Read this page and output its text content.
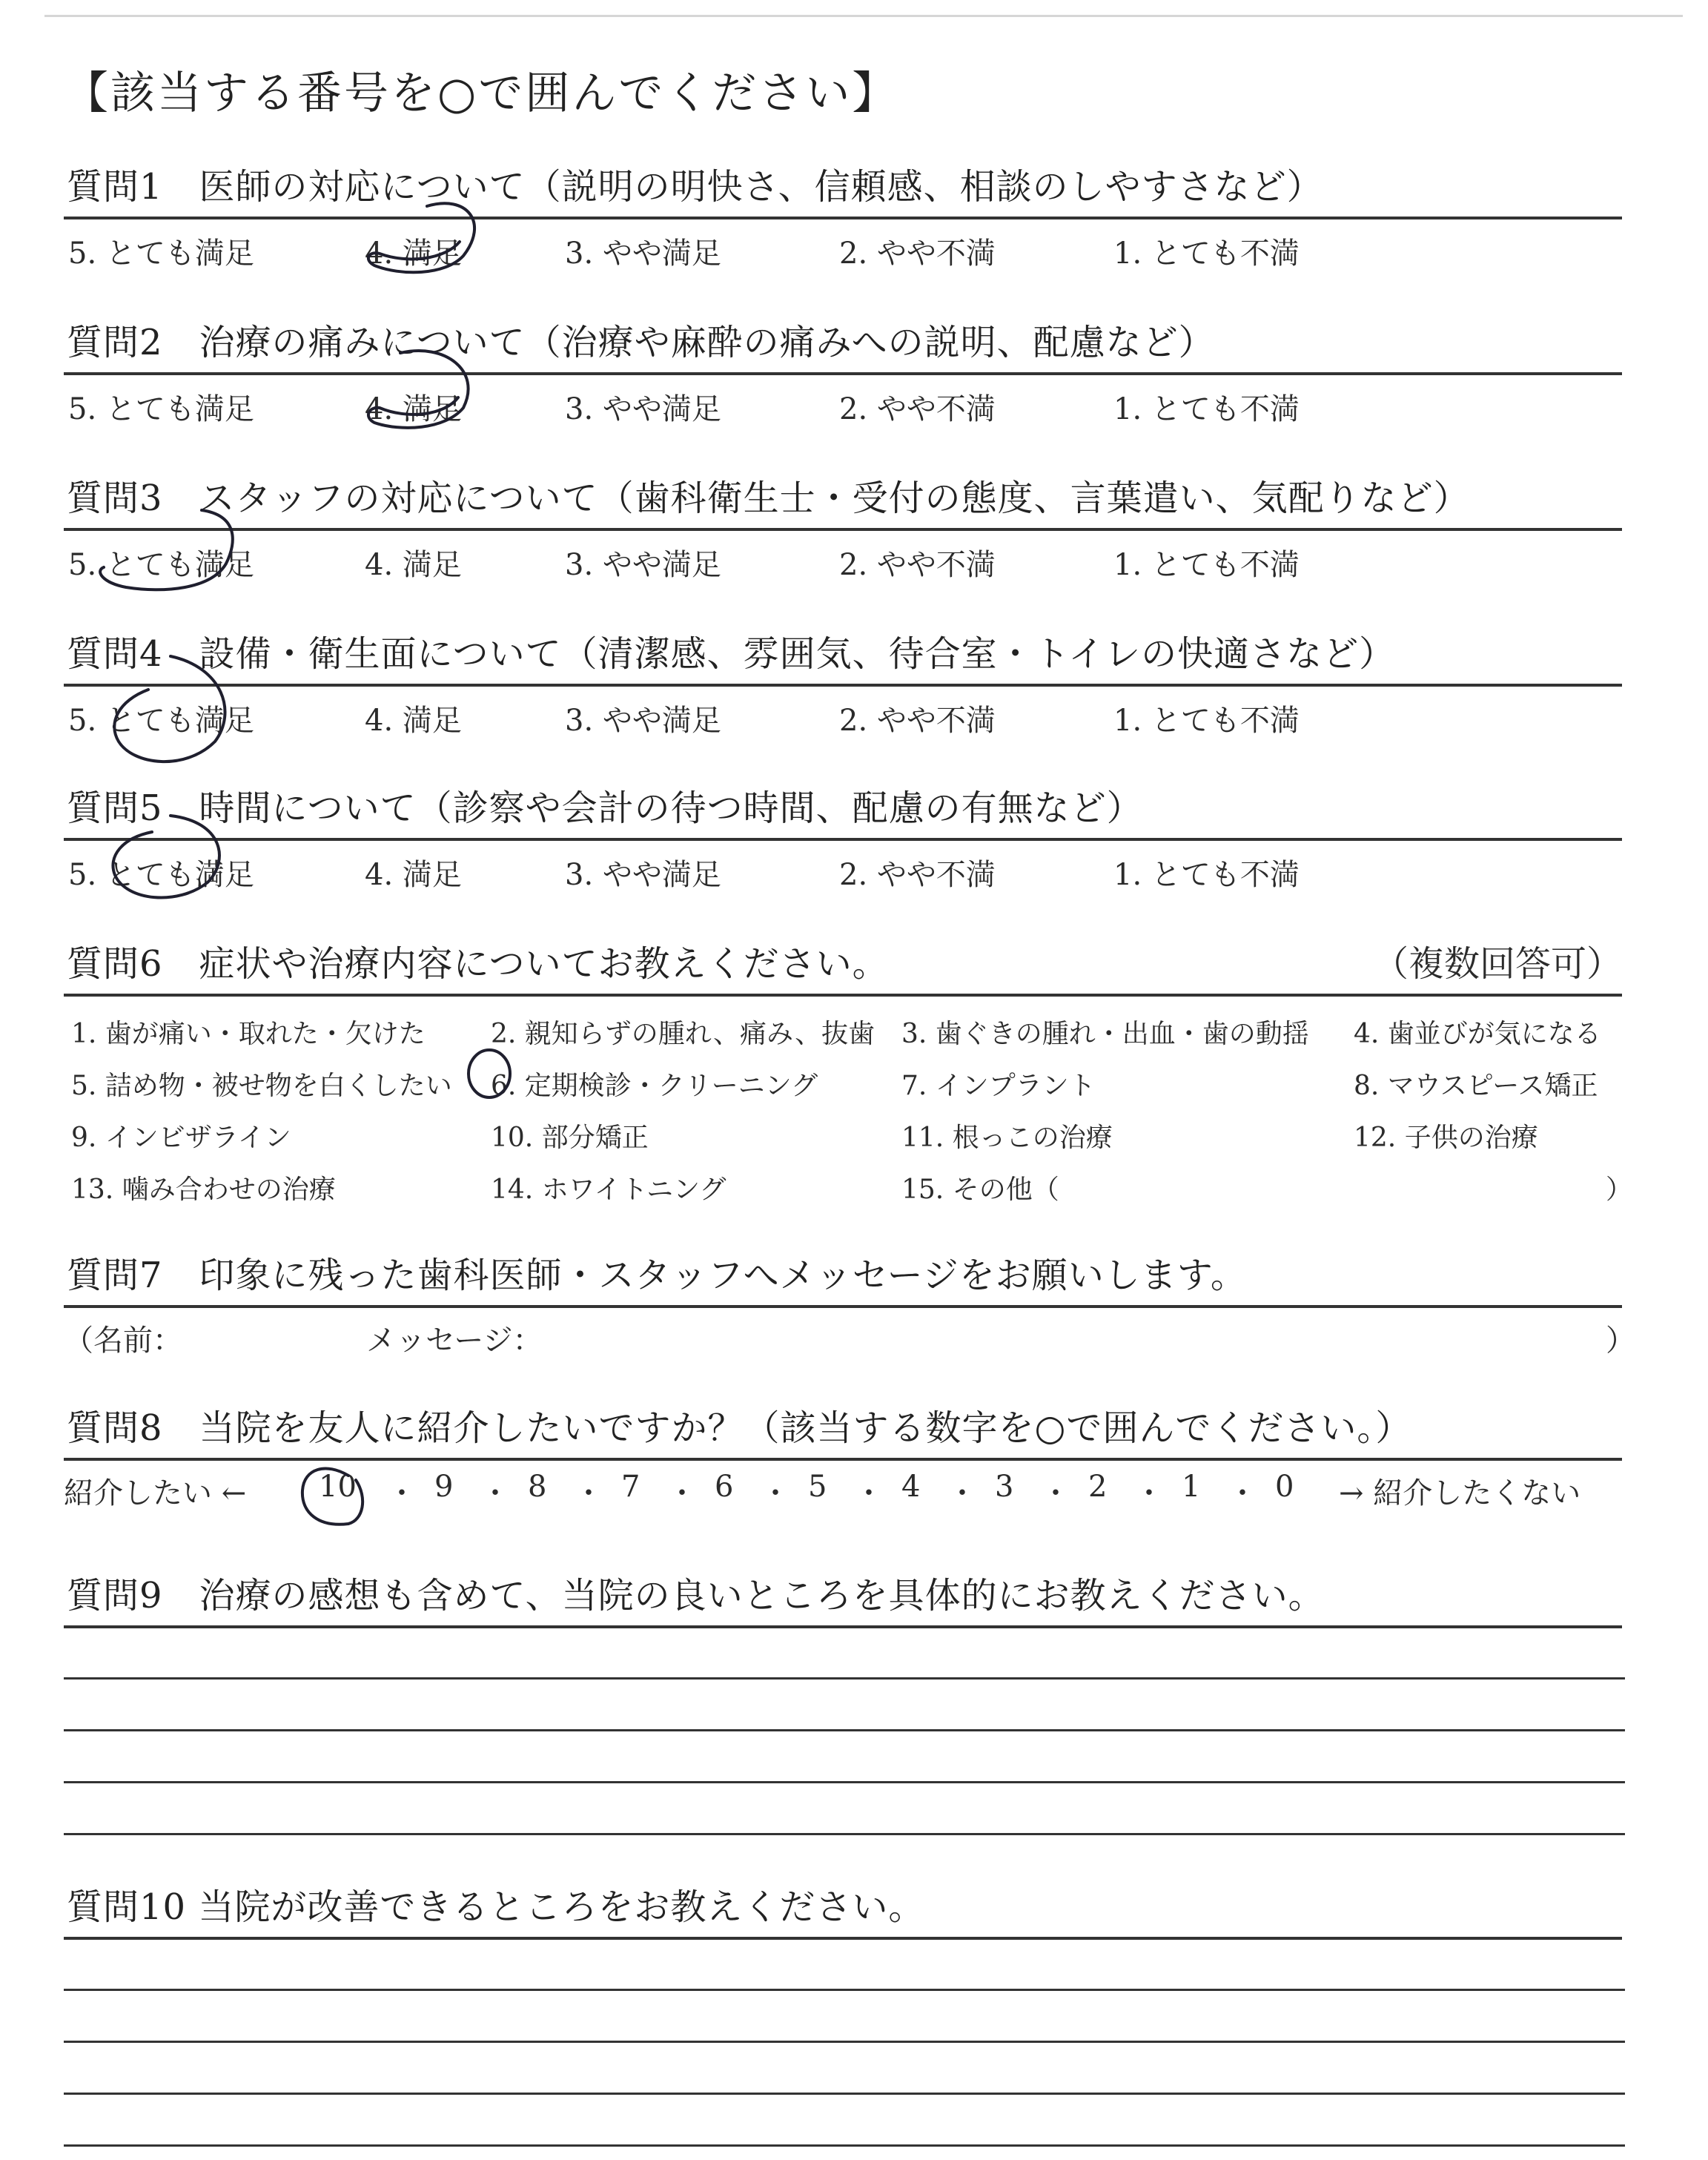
【該当する番号を○で囲んでください】
質問1　医師の対応について（説明の明快さ、信頼感、相談のしやすさなど）
5. とても満足	4. 満足	3. やや満足	2. やや不満	1. とても不満
質問2　治療の痛みについて（治療や麻酔の痛みへの説明、配慮など）
5. とても満足	4. 満足	3. やや満足	2. やや不満	1. とても不満
質問3　スタッフの対応について（歯科衛生士・受付の態度、言葉遣い、気配りなど）
5. とても満足	4. 満足	3. やや満足	2. やや不満	1. とても不満
質問4　設備・衛生面について（清潔感、雰囲気、待合室・トイレの快適さなど）
5. とても満足	4. 満足	3. やや満足	2. やや不満	1. とても不満
質問5　時間について（診察や会計の待つ時間、配慮の有無など）
5. とても満足	4. 満足	3. やや満足	2. やや不満	1. とても不満
質問6　症状や治療内容についてお教えください。	（複数回答可）
1. 歯が痛い・取れた・欠けた 2. 親知らずの腫れ、痛み、抜歯 3. 歯ぐきの腫れ・出血・歯の動揺 4. 歯並びが気になる
5. 詰め物・被せ物を白くしたい 6. 定期検診・クリーニング	7. インプラント	8. マウスピース矯正
9. インビザライン	10. 部分矯正	11. 根っこの治療	12. 子供の治療
13. 噛み合わせの治療	14. ホワイトニング	15. その他（	）
質問7　印象に残った歯科医師・スタッフへメッセージをお願いします。
（名前：	メッセージ：	）
質問8　当院を友人に紹介したいですか？（該当する数字を○で囲んでください。）
紹介したい ← 10 ・ 9 ・ 8 ・ 7 ・ 6 ・ 5 ・ 4 ・ 3 ・ 2 ・ 1 ・ 0 → 紹介したくない
質問9　治療の感想も含めて、当院の良いところを具体的にお教えください。
質問10 当院が改善できるところをお教えください。
